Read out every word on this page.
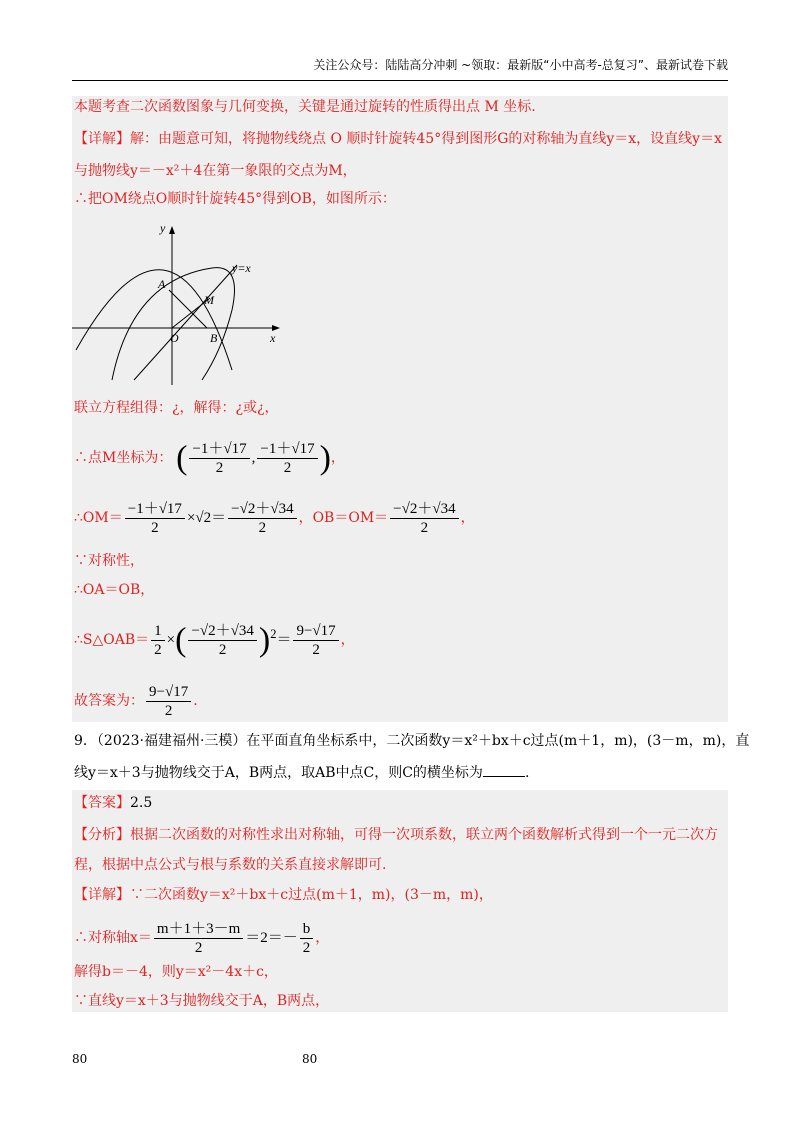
关注公众号：陆陆高分冲刺 ~领取：最新版“小中高考-总复习”、最新试卷下载
本题考查二次函数图象与几何变换，关键是通过旋转的性质得出点 M 坐标.
【详解】解：由题意可知，将抛物线绕点 O 顺时针旋转45°得到图形G的对称轴为直线y＝x，设直线y＝x
与抛物线y＝－x²＋4在第一象限的交点为M，
∴把OM绕点O顺时针旋转45°得到OB，如图所示：
y
x
O
A
M
B
y=x
联立方程组得：¿，解得：¿或¿，
∴点M坐标为： ( $\frac{-1+√17}{2}$ , $\frac{-1+√17}{2}$ )，
∴OM＝ $\frac{-1+√17}{2} \times√2= \frac{-√2+√34}{2}$ ，$OB=OM= \frac{-√2+√34}{2}$ ，
∵对称性，
∴OA＝OB，
∴S△OAB＝ $\frac{1}{2}$ ×( $\frac{-√2+√34}{2} )^2= \frac{9-√17}{2}$ ，
故答案为： $\frac{9-√17}{2}$ .
9．（2023·福建福州·三模）在平面直角坐标系中，二次函数y＝x²＋bx＋c过点(m＋1，m)，(3－m，m)，直
线y＝x＋3与抛物线交于A，B两点，取AB中点C，则C的横坐标为	.
【答案】2.5
【分析】根据二次函数的对称性求出对称轴，可得一次项系数，联立两个函数解析式得到一个一元二次方
程，根据中点公式与根与系数的关系直接求解即可.
【详解】∵二次函数y＝x²＋bx＋c过点(m＋1，m)，(3－m，m)，
∴对称轴$x= \frac{m+1+3-m}{2} =2=- \frac{b}{2}$ ，
解得b＝－4，则y＝x²－4x＋c，
∵直线y＝x＋3与抛物线交于A，B两点，
80	80
